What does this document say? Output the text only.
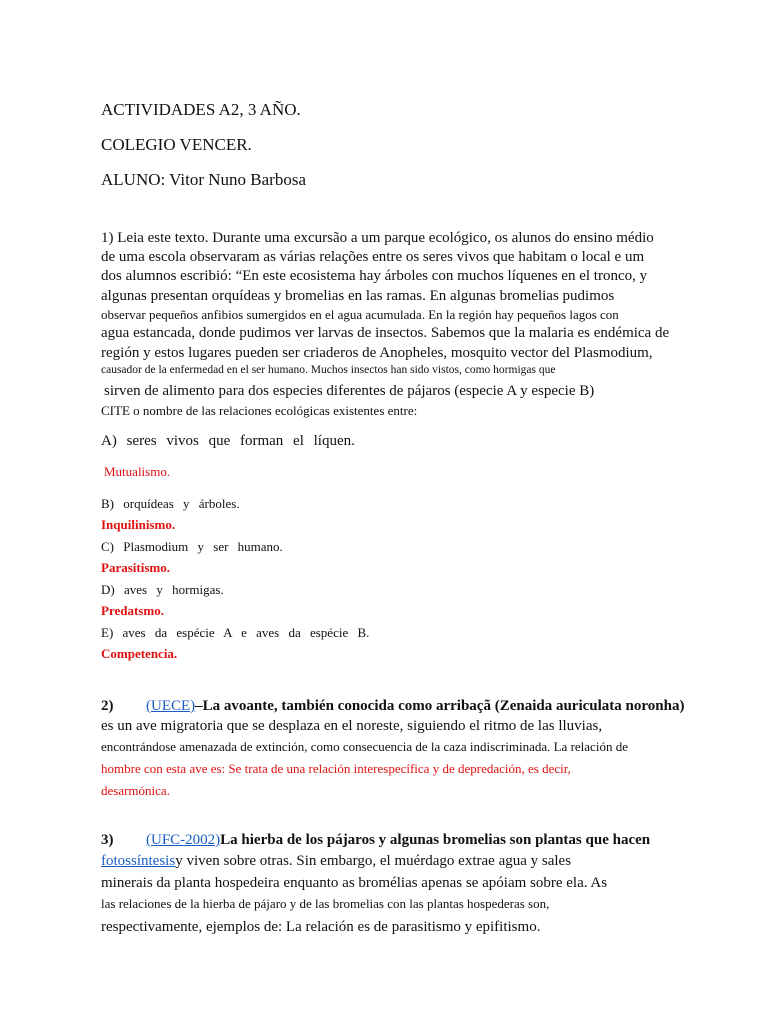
ACTIVIDADES A2, 3 AÑO.
COLEGIO VENCER.
ALUNO: Vitor Nuno Barbosa
1) Leia este texto. Durante uma excursão a um parque ecológico, os alunos do ensino médio
de uma escola observaram as várias relações entre os seres vivos que habitam o local e um
dos alumnos escribió: “En este ecosistema hay árboles con muchos líquenes en el tronco, y
algunas presentan orquídeas y bromelias en las ramas. En algunas bromelias pudimos
observar pequeños anfibios sumergidos en el agua acumulada. En la región hay pequeños lagos con
agua estancada, donde pudimos ver larvas de insectos. Sabemos que la malaria es endémica de
región y estos lugares pueden ser criaderos de Anopheles, mosquito vector del Plasmodium,
causador de la enfermedad en el ser humano. Muchos insectos han sido vistos, como hormigas que
sirven de alimento para dos especies diferentes de pájaros (especie A y especie B)
CITE o nombre de las relaciones ecológicas existentes entre:
A) seres vivos que forman el líquen.
Mutualismo.
B) orquídeas y árboles.
Inquilinismo.
C) Plasmodium y ser humano.
Parasitismo.
D) aves y hormigas.
Predatsmo.
E) aves da espécie A e aves da espécie B.
Competencia.
2) (UECE)–La avoante, también conocida como arribaçã (Zenaida auriculata noronha)
es un ave migratoria que se desplaza en el noreste, siguiendo el ritmo de las lluvias,
encontrándose amenazada de extinción, como consecuencia de la caza indiscriminada. La relación de
hombre con esta ave es: Se trata de una relación interespecífica y de depredación, es decir,
desarmónica.
3) (UFC-2002)La hierba de los pájaros y algunas bromelias son plantas que hacen
fotossíntesisy viven sobre otras. Sin embargo, el muérdago extrae agua y sales
minerais da planta hospedeira enquanto as bromélias apenas se apóiam sobre ela. As
las relaciones de la hierba de pájaro y de las bromelias con las plantas hospederas son,
respectivamente, ejemplos de: La relación es de parasitismo y epifitismo.
